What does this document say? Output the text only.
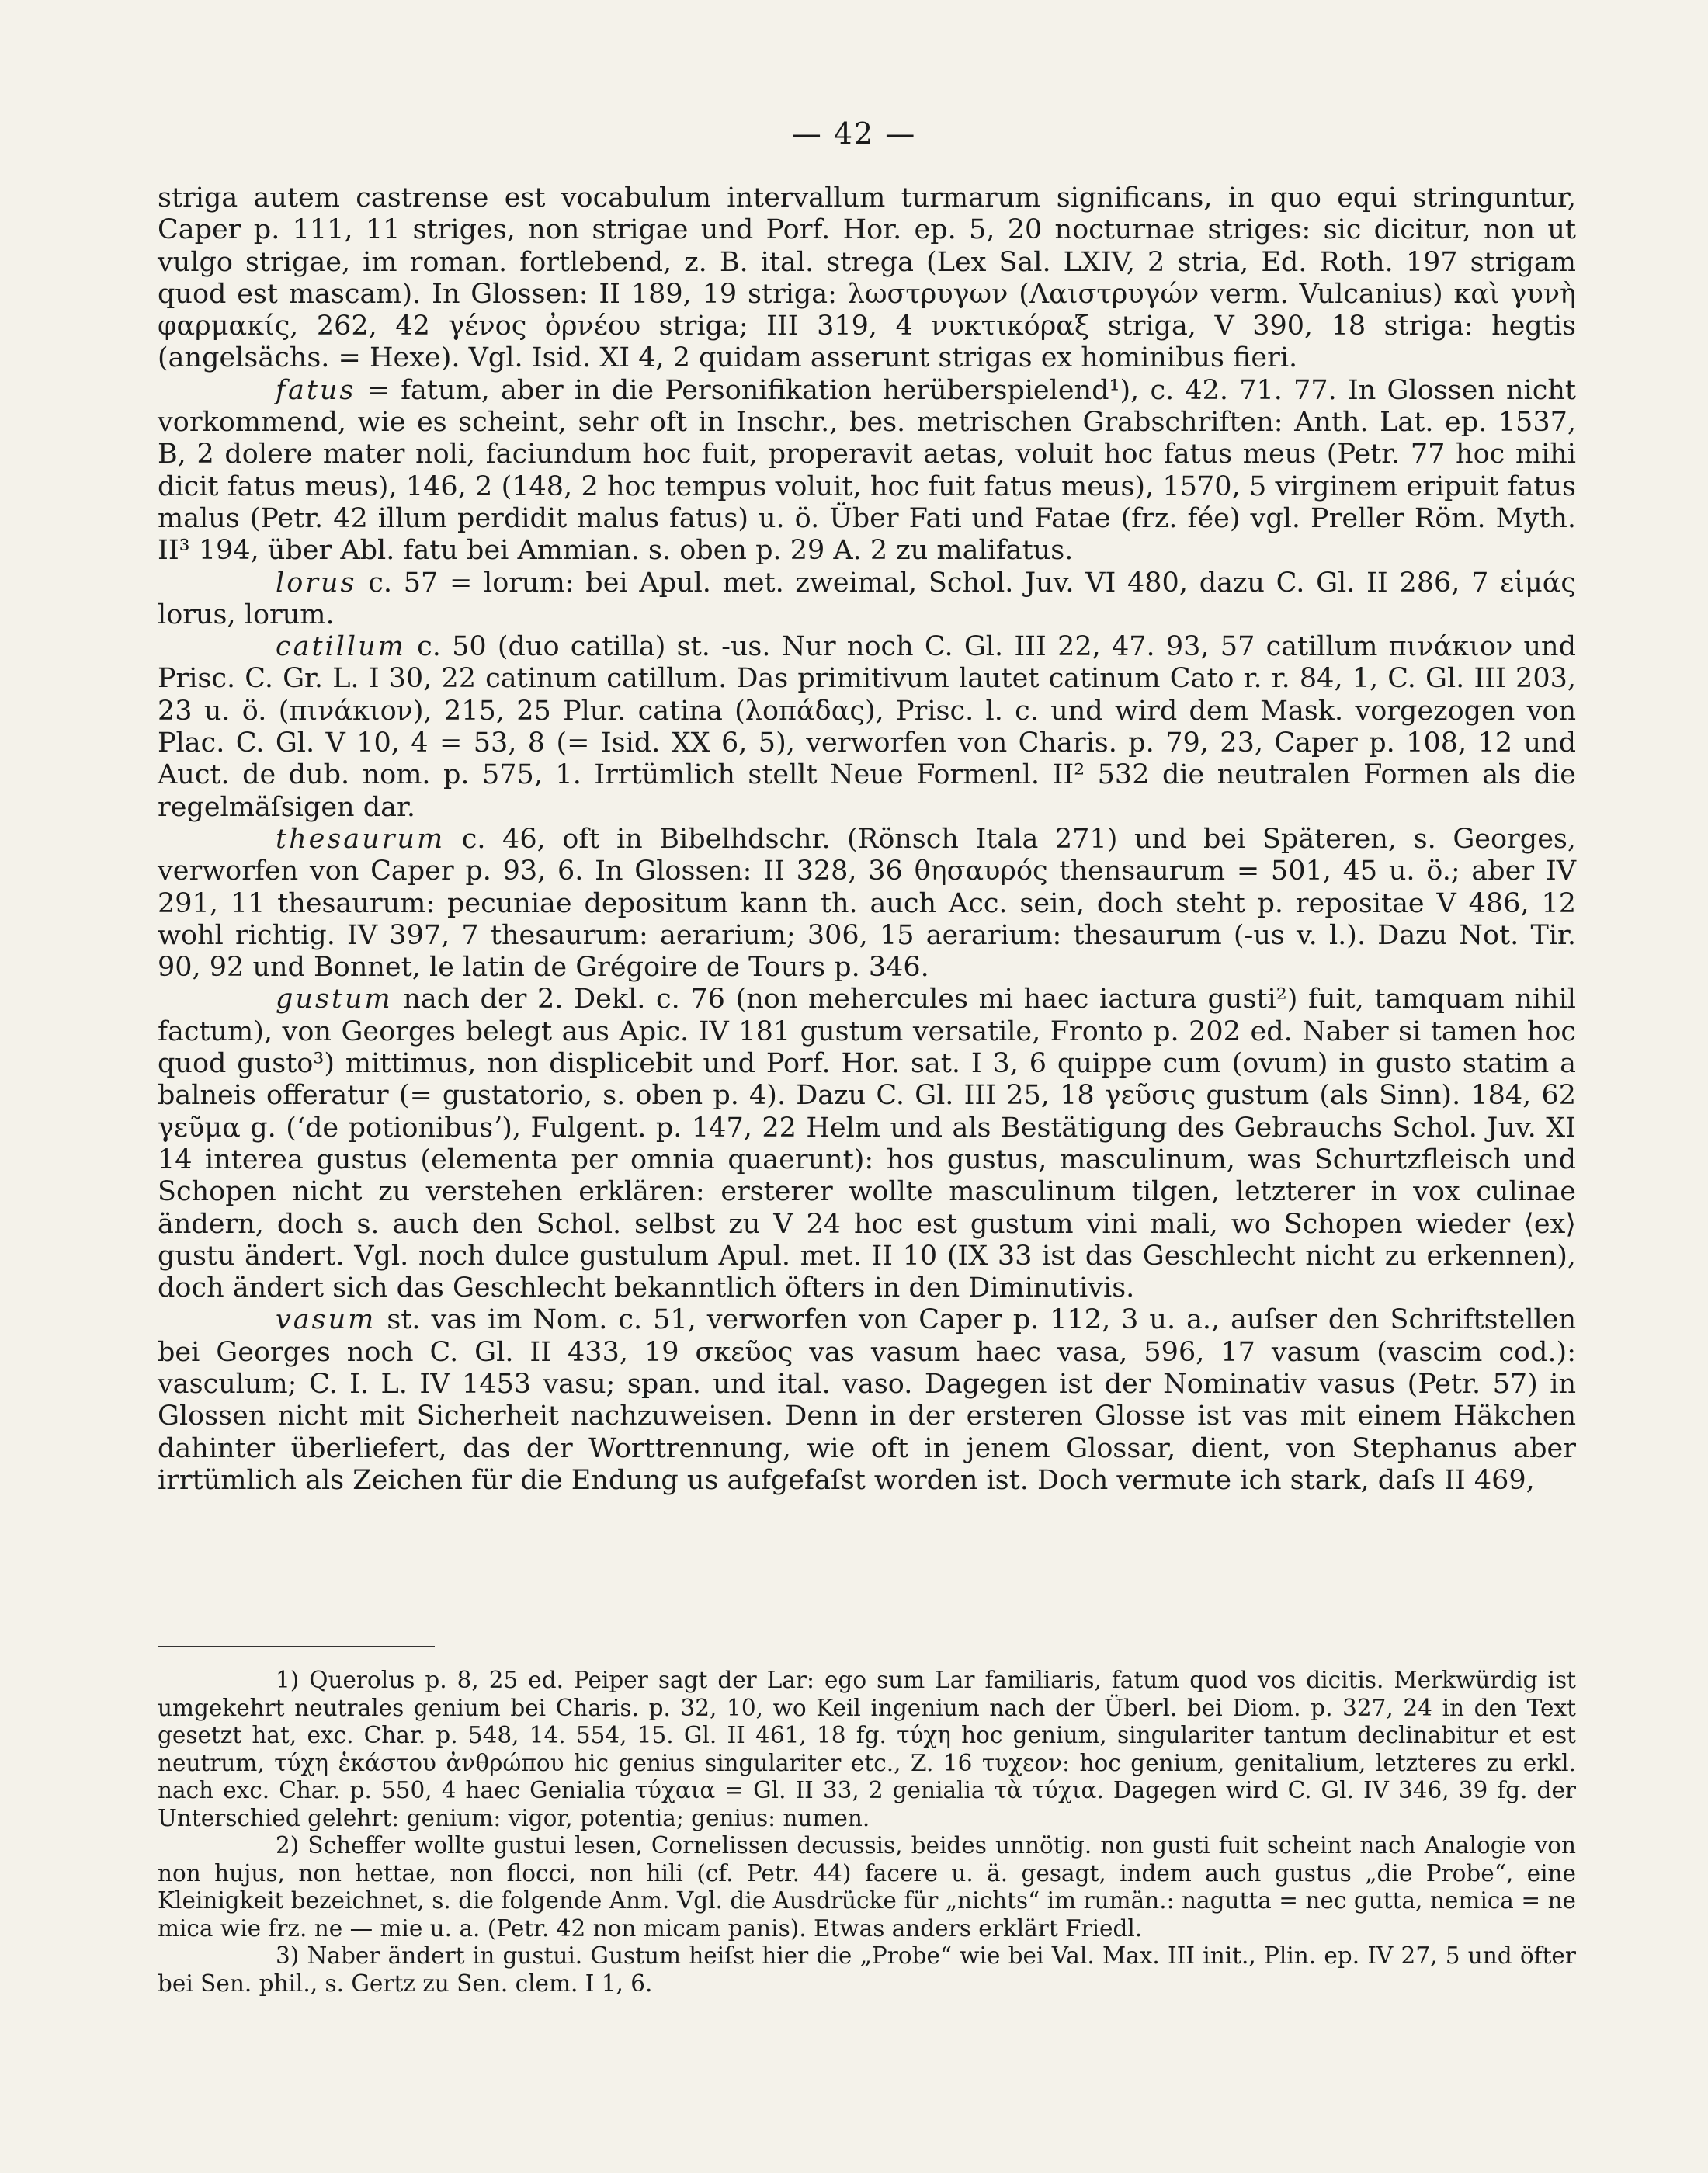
— 42 —

striga autem castrense est vocabulum intervallum turmarum significans, in quo equi stringuntur, Caper p. 111, 11 striges, non strigae und Porf. Hor. ep. 5, 20 nocturnae striges: sic dicitur, non ut vulgo strigae, im roman. fortlebend, z. B. ital. strega (Lex Sal. LXIV, 2 stria, Ed. Roth. 197 strigam quod est mascam). In Glossen: II 189, 19 striga: λωστρυγων (Λαιστρυγών verm. Vulcanius) καὶ γυνὴ φαρμακίς, 262, 42 γένος ὀρνέου striga; III 319, 4 νυκτικόραξ striga, V 390, 18 striga: hegtis (angelsächs. = Hexe). Vgl. Isid. XI 4, 2 quidam asserunt strigas ex hominibus fieri.

fatus = fatum, aber in die Personifikation herüberspielend¹), c. 42. 71. 77. In Glossen nicht vorkommend, wie es scheint, sehr oft in Inschr., bes. metrischen Grabschriften: Anth. Lat. ep. 1537, B, 2 dolere mater noli, faciundum hoc fuit, properavit aetas, voluit hoc fatus meus (Petr. 77 hoc mihi dicit fatus meus), 146, 2 (148, 2 hoc tempus voluit, hoc fuit fatus meus), 1570, 5 virginem eripuit fatus malus (Petr. 42 illum perdidit malus fatus) u. ö. Über Fati und Fatae (frz. fée) vgl. Preller Röm. Myth. II³ 194, über Abl. fatu bei Ammian. s. oben p. 29 A. 2 zu malifatus.

lorus c. 57 = lorum: bei Apul. met. zweimal, Schol. Juv. VI 480, dazu C. Gl. II 286, 7 εἱμάς lorus, lorum.

catillum c. 50 (duo catilla) st. -us. Nur noch C. Gl. III 22, 47. 93, 57 catillum πινάκιον und Prisc. C. Gr. L. I 30, 22 catinum catillum. Das primitivum lautet catinum Cato r. r. 84, 1, C. Gl. III 203, 23 u. ö. (πινάκιον), 215, 25 Plur. catina (λοπάδας), Prisc. l. c. und wird dem Mask. vorgezogen von Plac. C. Gl. V 10, 4 = 53, 8 (= Isid. XX 6, 5), verworfen von Charis. p. 79, 23, Caper p. 108, 12 und Auct. de dub. nom. p. 575, 1. Irrtümlich stellt Neue Formenl. II² 532 die neutralen Formen als die regelmäſsigen dar.

thesaurum c. 46, oft in Bibelhdschr. (Rönsch Itala 271) und bei Späteren, s. Georges, verworfen von Caper p. 93, 6. In Glossen: II 328, 36 θησαυρός thensaurum = 501, 45 u. ö.; aber IV 291, 11 thesaurum: pecuniae depositum kann th. auch Acc. sein, doch steht p. repositae V 486, 12 wohl richtig. IV 397, 7 thesaurum: aerarium; 306, 15 aerarium: thesaurum (-us v. l.). Dazu Not. Tir. 90, 92 und Bonnet, le latin de Grégoire de Tours p. 346.

gustum nach der 2. Dekl. c. 76 (non mehercules mi haec iactura gusti²) fuit, tamquam nihil factum), von Georges belegt aus Apic. IV 181 gustum versatile, Fronto p. 202 ed. Naber si tamen hoc quod gusto³) mittimus, non displicebit und Porf. Hor. sat. I 3, 6 quippe cum (ovum) in gusto statim a balneis offeratur (= gustatorio, s. oben p. 4). Dazu C. Gl. III 25, 18 γεῦσις gustum (als Sinn). 184, 62 γεῦμα g. (ʻde potionibusʼ), Fulgent. p. 147, 22 Helm und als Bestätigung des Gebrauchs Schol. Juv. XI 14 interea gustus (elementa per omnia quaerunt): hos gustus, masculinum, was Schurtzfleisch und Schopen nicht zu verstehen erklären: ersterer wollte masculinum tilgen, letzterer in vox culinae ändern, doch s. auch den Schol. selbst zu V 24 hoc est gustum vini mali, wo Schopen wieder ⟨ex⟩ gustu ändert. Vgl. noch dulce gustulum Apul. met. II 10 (IX 33 ist das Geschlecht nicht zu erkennen), doch ändert sich das Geschlecht bekanntlich öfters in den Diminutivis.

vasum st. vas im Nom. c. 51, verworfen von Caper p. 112, 3 u. a., auſser den Schriftstellen bei Georges noch C. Gl. II 433, 19 σκεῦος vas vasum haec vasa, 596, 17 vasum (vascim cod.): vasculum; C. I. L. IV 1453 vasu; span. und ital. vaso. Dagegen ist der Nominativ vasus (Petr. 57) in Glossen nicht mit Sicherheit nachzuweisen. Denn in der ersteren Glosse ist vas mit einem Häkchen dahinter überliefert, das der Worttrennung, wie oft in jenem Glossar, dient, von Stephanus aber irrtümlich als Zeichen für die Endung us aufgefaſst worden ist. Doch vermute ich stark, daſs II 469,

1) Querolus p. 8, 25 ed. Peiper sagt der Lar: ego sum Lar familiaris, fatum quod vos dicitis. Merkwürdig ist umgekehrt neutrales genium bei Charis. p. 32, 10, wo Keil ingenium nach der Überl. bei Diom. p. 327, 24 in den Text gesetzt hat, exc. Char. p. 548, 14. 554, 15. Gl. II 461, 18 fg. τύχη hoc genium, singulariter tantum declinabitur et est neutrum, τύχη ἑκάστου ἀνθρώπου hic genius singulariter etc., Z. 16 τυχεον: hoc genium, genitalium, letzteres zu erkl. nach exc. Char. p. 550, 4 haec Genialia τύχαια = Gl. II 33, 2 genialia τὰ τύχια. Dagegen wird C. Gl. IV 346, 39 fg. der Unterschied gelehrt: genium: vigor, potentia; genius: numen.

2) Scheffer wollte gustui lesen, Cornelissen decussis, beides unnötig. non gusti fuit scheint nach Analogie von non hujus, non hettae, non flocci, non hili (cf. Petr. 44) facere u. ä. gesagt, indem auch gustus „die Probe“, eine Kleinigkeit bezeichnet, s. die folgende Anm. Vgl. die Ausdrücke für „nichts“ im rumän.: nagutta = nec gutta, nemica = ne mica wie frz. ne — mie u. a. (Petr. 42 non micam panis). Etwas anders erklärt Friedl.

3) Naber ändert in gustui. Gustum heiſst hier die „Probe“ wie bei Val. Max. III init., Plin. ep. IV 27, 5 und öfter bei Sen. phil., s. Gertz zu Sen. clem. I 1, 6.
